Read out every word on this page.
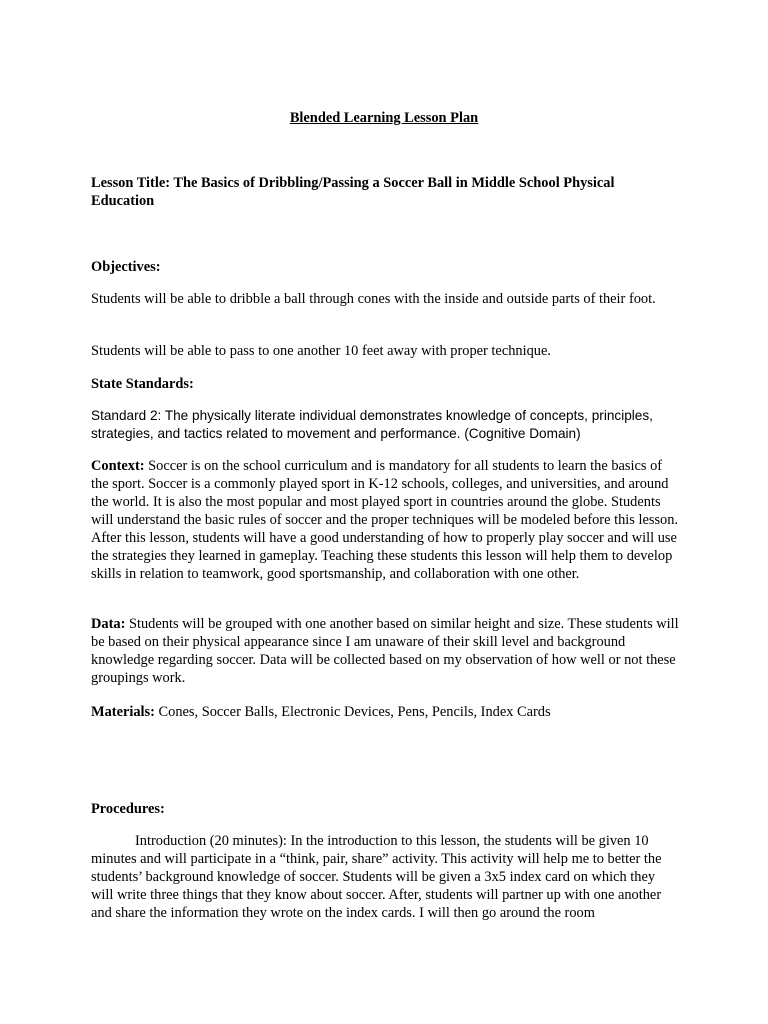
Blended Learning Lesson Plan

Lesson Title: The Basics of Dribbling/Passing a Soccer Ball in Middle School Physical Education

Objectives:

Students will be able to dribble a ball through cones with the inside and outside parts of their foot.

Students will be able to pass to one another 10 feet away with proper technique.

State Standards:

Standard 2: The physically literate individual demonstrates knowledge of concepts, principles, strategies, and tactics related to movement and performance. (Cognitive Domain)

Context: Soccer is on the school curriculum and is mandatory for all students to learn the basics of the sport. Soccer is a commonly played sport in K-12 schools, colleges, and universities, and around the world. It is also the most popular and most played sport in countries around the globe. Students will understand the basic rules of soccer and the proper techniques will be modeled before this lesson. After this lesson, students will have a good understanding of how to properly play soccer and will use the strategies they learned in gameplay. Teaching these students this lesson will help them to develop skills in relation to teamwork, good sportsmanship, and collaboration with one other.

Data: Students will be grouped with one another based on similar height and size. These students will be based on their physical appearance since I am unaware of their skill level and background knowledge regarding soccer. Data will be collected based on my observation of how well or not these groupings work.

Materials: Cones, Soccer Balls, Electronic Devices, Pens, Pencils, Index Cards

Procedures:

Introduction (20 minutes): In the introduction to this lesson, the students will be given 10 minutes and will participate in a “think, pair, share” activity. This activity will help me to better the students’ background knowledge of soccer. Students will be given a 3x5 index card on which they will write three things that they know about soccer. After, students will partner up with one another and share the information they wrote on the index cards. I will then go around the room
